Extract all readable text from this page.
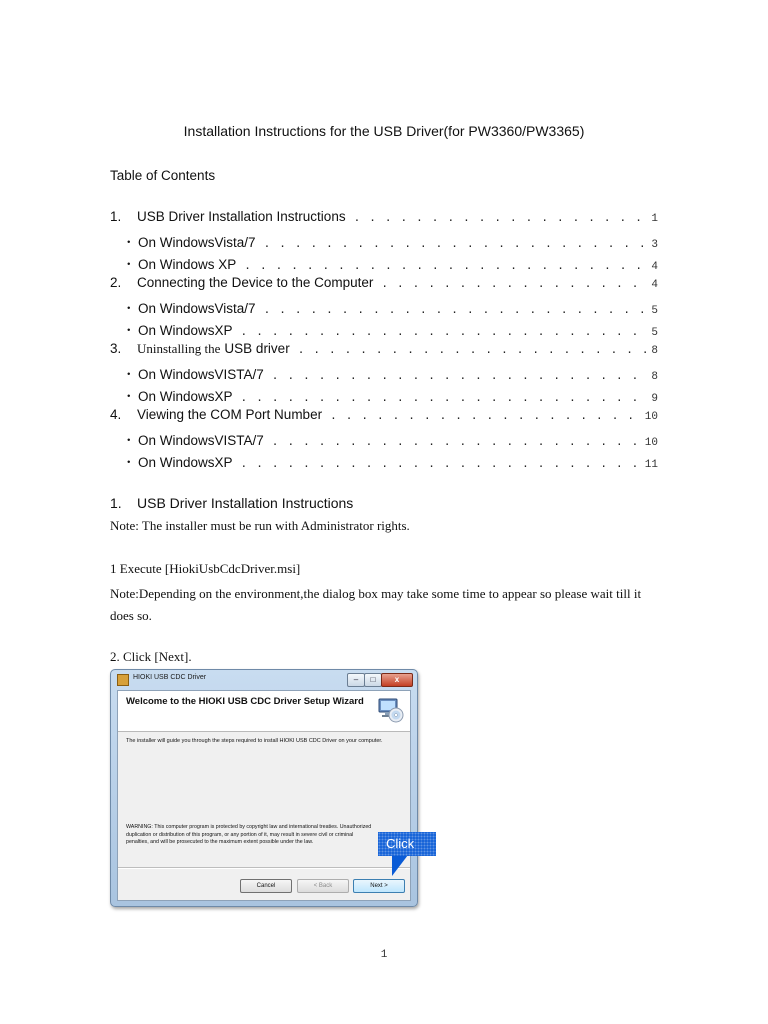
Installation Instructions for the USB Driver(for PW3360/PW3365)
Table of Contents
1.	USB Driver Installation Instructions . . .	1
・ On WindowsVista/7 . . .	3
・ On Windows XP . . .	4
2.	Connecting the Device to the Computer . . .	4
・ On WindowsVista/7 . . .	5
・ On WindowsXP . . .	5
3.	Uninstalling the USB driver . . .	8
・ On WindowsVISTA/7 . . .	8
・ On WindowsXP . . .	9
4.	Viewing the COM Port Number . . .	10
・ On WindowsVISTA/7 . . .	10
・ On WindowsXP . . .	11
1. USB Driver Installation Instructions
Note: The installer must be run with Administrator rights.
1 Execute [HiokiUsbCdcDriver.msi]
Note:Depending on the environment,the dialog box may take some time to appear so please wait till it does so.
2. Click [Next].
HIOKI USB CDC Driver	–	□	x
Welcome to the HIOKI USB CDC Driver Setup Wizard
The installer will guide you through the steps required to install HIOKI USB CDC Driver on your computer.
WARNING: This computer program is protected by copyright law and international treaties. Unauthorized duplication or distribution of this program, or any portion of it, may result in severe civil or criminal penalties, and will be prosecuted to the maximum extent possible under the law.
Cancel	< Back	Next >
Click
1
